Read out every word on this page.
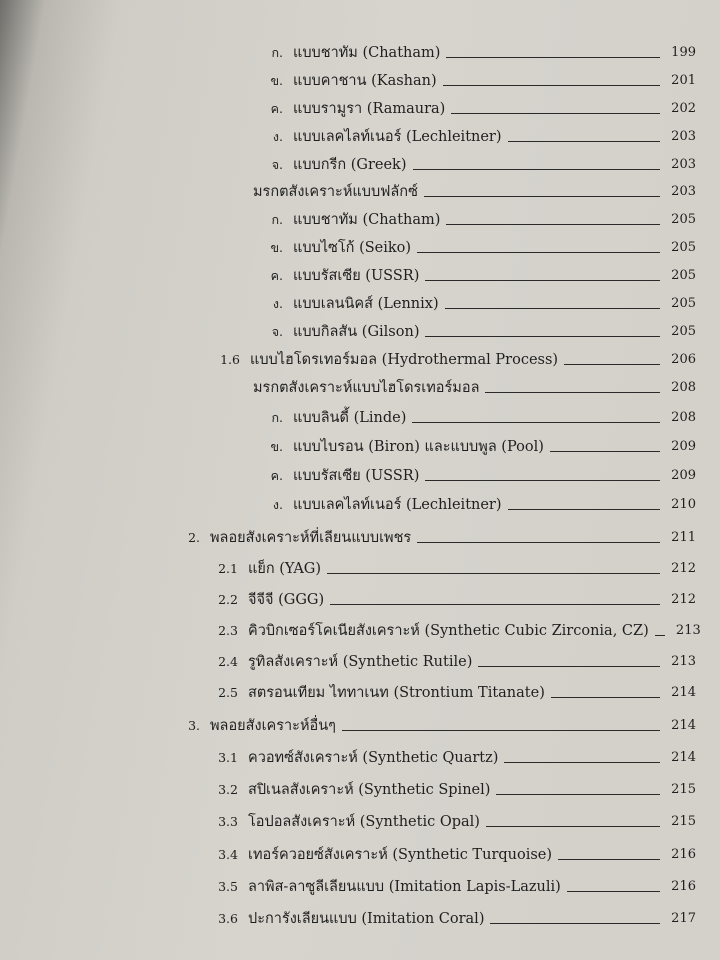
ก. แบบชาทัม (Chatham)	199
ข. แบบคาชาน (Kashan)	201
ค. แบบรามูรา (Ramaura)	202
ง. แบบเลคไลท์เนอร์ (Lechleitner)	203
จ. แบบกรีก (Greek)	203
มรกตสังเคราะห์แบบฟลักซ์	203
ก. แบบชาทัม (Chatham)	205
ข. แบบไซโก้ (Seiko)	205
ค. แบบรัสเซีย (USSR)	205
ง. แบบเลนนิคส์ (Lennix)	205
จ. แบบกิลสัน (Gilson)	205
1.6 แบบไฮโดรเทอร์มอล (Hydrothermal Process)	206
มรกตสังเคราะห์แบบไฮโดรเทอร์มอล	208
ก. แบบลินดี้ (Linde)	208
ข. แบบไบรอน (Biron) และแบบพูล (Pool)	209
ค. แบบรัสเซีย (USSR)	209
ง. แบบเลคไลท์เนอร์ (Lechleitner)	210
2. พลอยสังเคราะห์ที่เลียนแบบเพชร	211
2.1 แย็ก (YAG)	212
2.2 จีจีจี (GGG)	212
2.3 คิวบิกเซอร์โคเนียสังเคราะห์ (Synthetic Cubic Zirconia, CZ)	213
2.4 รูทิลสังเคราะห์ (Synthetic Rutile)	213
2.5 สตรอนเทียม ไททาเนท (Strontium Titanate)	214
3. พลอยสังเคราะห์อื่นๆ	214
3.1 ควอทซ์สังเคราะห์ (Synthetic Quartz)	214
3.2 สปิเนลสังเคราะห์ (Synthetic Spinel)	215
3.3 โอปอลสังเคราะห์ (Synthetic Opal)	215
3.4 เทอร์ควอยซ์สังเคราะห์ (Synthetic Turquoise)	216
3.5 ลาพิส-ลาซูลีเลียนแบบ (Imitation Lapis-Lazuli)	216
3.6 ปะการังเลียนแบบ (Imitation Coral)	217
